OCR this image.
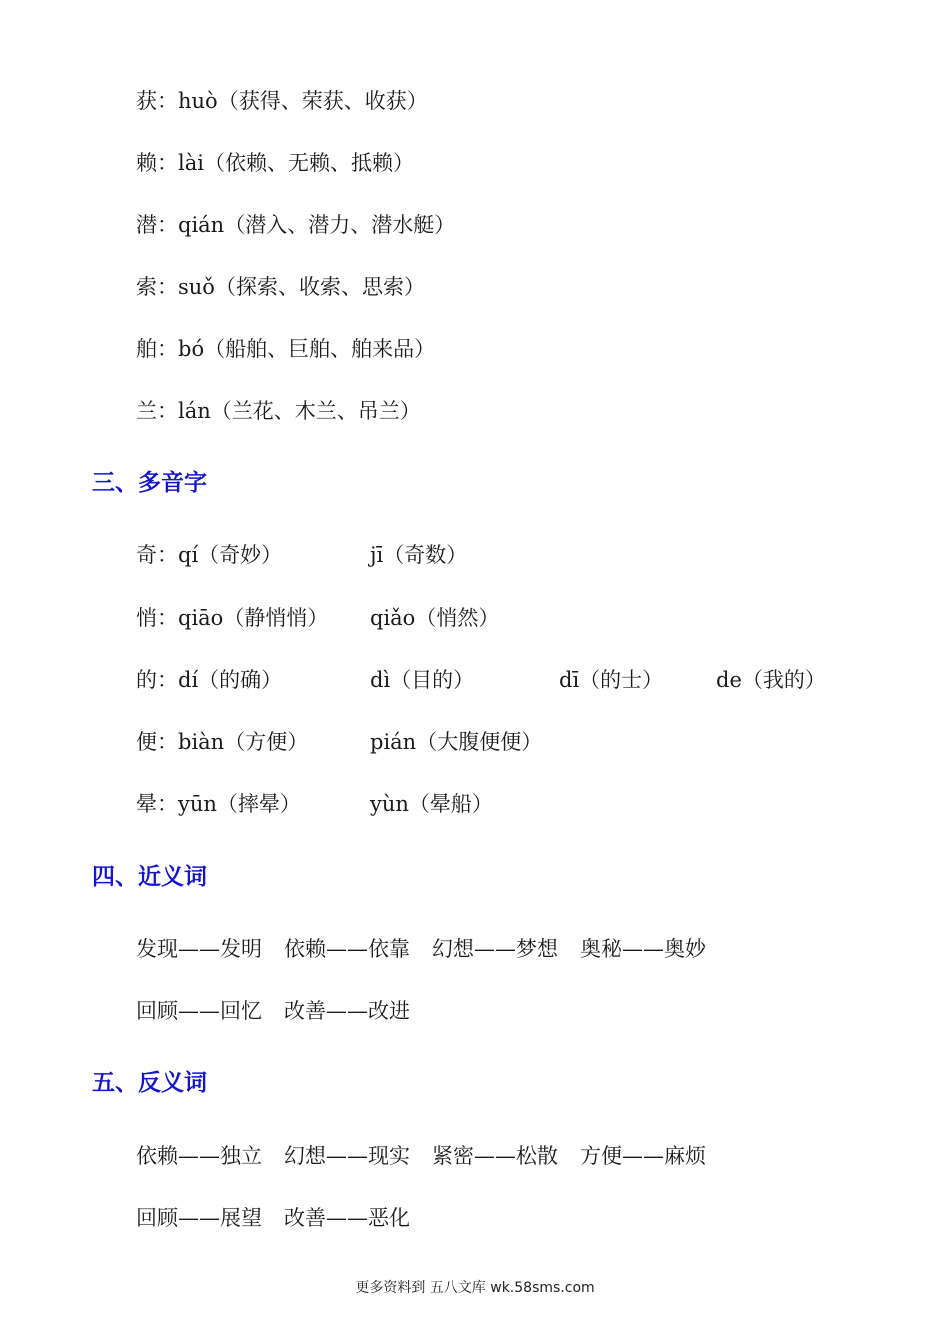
获：huò（获得、荣获、收获）
赖：lài（依赖、无赖、抵赖）
潜：qián（潜入、潜力、潜水艇）
索：suǒ（探索、收索、思索）
舶：bó（船舶、巨舶、舶来品）
兰：lán（兰花、木兰、吊兰）
三、多音字
奇：qí（奇妙）	jī（奇数）
悄：qiāo（静悄悄） qiǎo（悄然）
的：dí（的确）	dì（目的）	dī（的士）	de（我的）
便：biàn（方便）	pián（大腹便便）
晕：yūn（摔晕）	yùn（晕船）
四、近义词
发现——发明 依赖——依靠 幻想——梦想 奥秘——奥妙
回顾——回忆 改善——改进
五、反义词
依赖——独立 幻想——现实 紧密——松散 方便——麻烦
回顾——展望 改善——恶化
更多资料到 五八文库 wk.58sms.com
